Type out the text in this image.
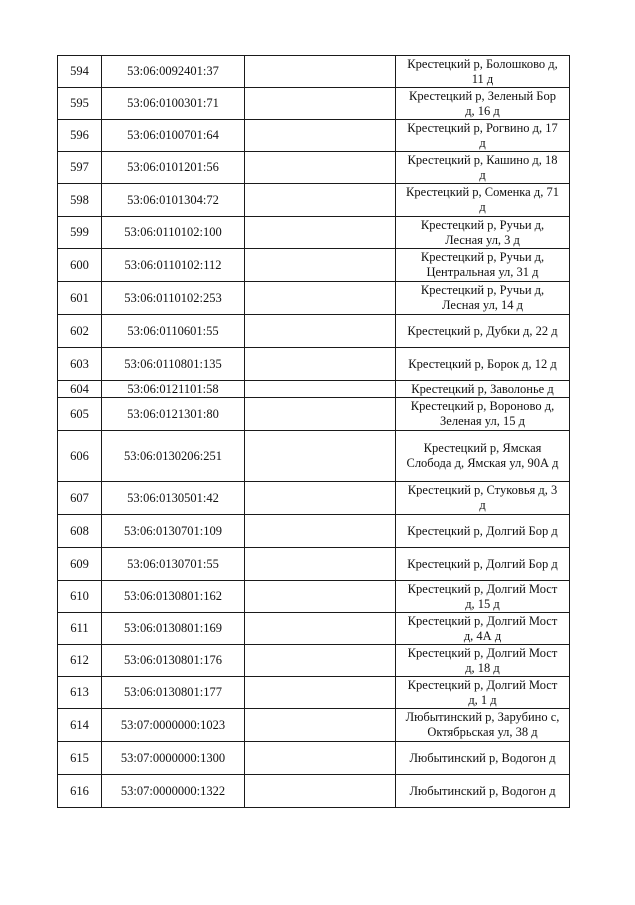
594	53:06:0092401:37		Крестецкий р, Болошково д,
11 д

595	53:06:0100301:71		Крестецкий р, Зеленый Бор
д, 16 д

596	53:06:0100701:64		Крестецкий р, Рогвино д, 17
д

597	53:06:0101201:56		Крестецкий р, Кашино д, 18
д

598	53:06:0101304:72		Крестецкий р, Соменка д, 71
д

599	53:06:0110102:100		Крестецкий р, Ручьи д,
Лесная ул, 3 д

600	53:06:0110102:112		Крестецкий р, Ручьи д,
Центральная ул, 31 д

601	53:06:0110102:253		Крестецкий р, Ручьи д,
Лесная ул, 14 д

602	53:06:0110601:55		Крестецкий р, Дубки д, 22 д

603	53:06:0110801:135		Крестецкий р, Борок д, 12 д

604	53:06:0121101:58		Крестецкий р, Заволонье д

605	53:06:0121301:80		Крестецкий р, Вороново д,
Зеленая ул, 15 д

606	53:06:0130206:251		Крестецкий р, Ямская
Слобода д, Ямская ул, 90А д

607	53:06:0130501:42		Крестецкий р, Стуковья д, 3
д

608	53:06:0130701:109		Крестецкий р, Долгий Бор д

609	53:06:0130701:55		Крестецкий р, Долгий Бор д

610	53:06:0130801:162		Крестецкий р, Долгий Мост
д, 15 д

611	53:06:0130801:169		Крестецкий р, Долгий Мост
д, 4А д

612	53:06:0130801:176		Крестецкий р, Долгий Мост
д, 18 д

613	53:06:0130801:177		Крестецкий р, Долгий Мост
д, 1 д

614	53:07:0000000:1023		Любытинский р, Зарубино с,
Октябрьская ул, 38 д

615	53:07:0000000:1300		Любытинский р, Водогон д

616	53:07:0000000:1322		Любытинский р, Водогон д
